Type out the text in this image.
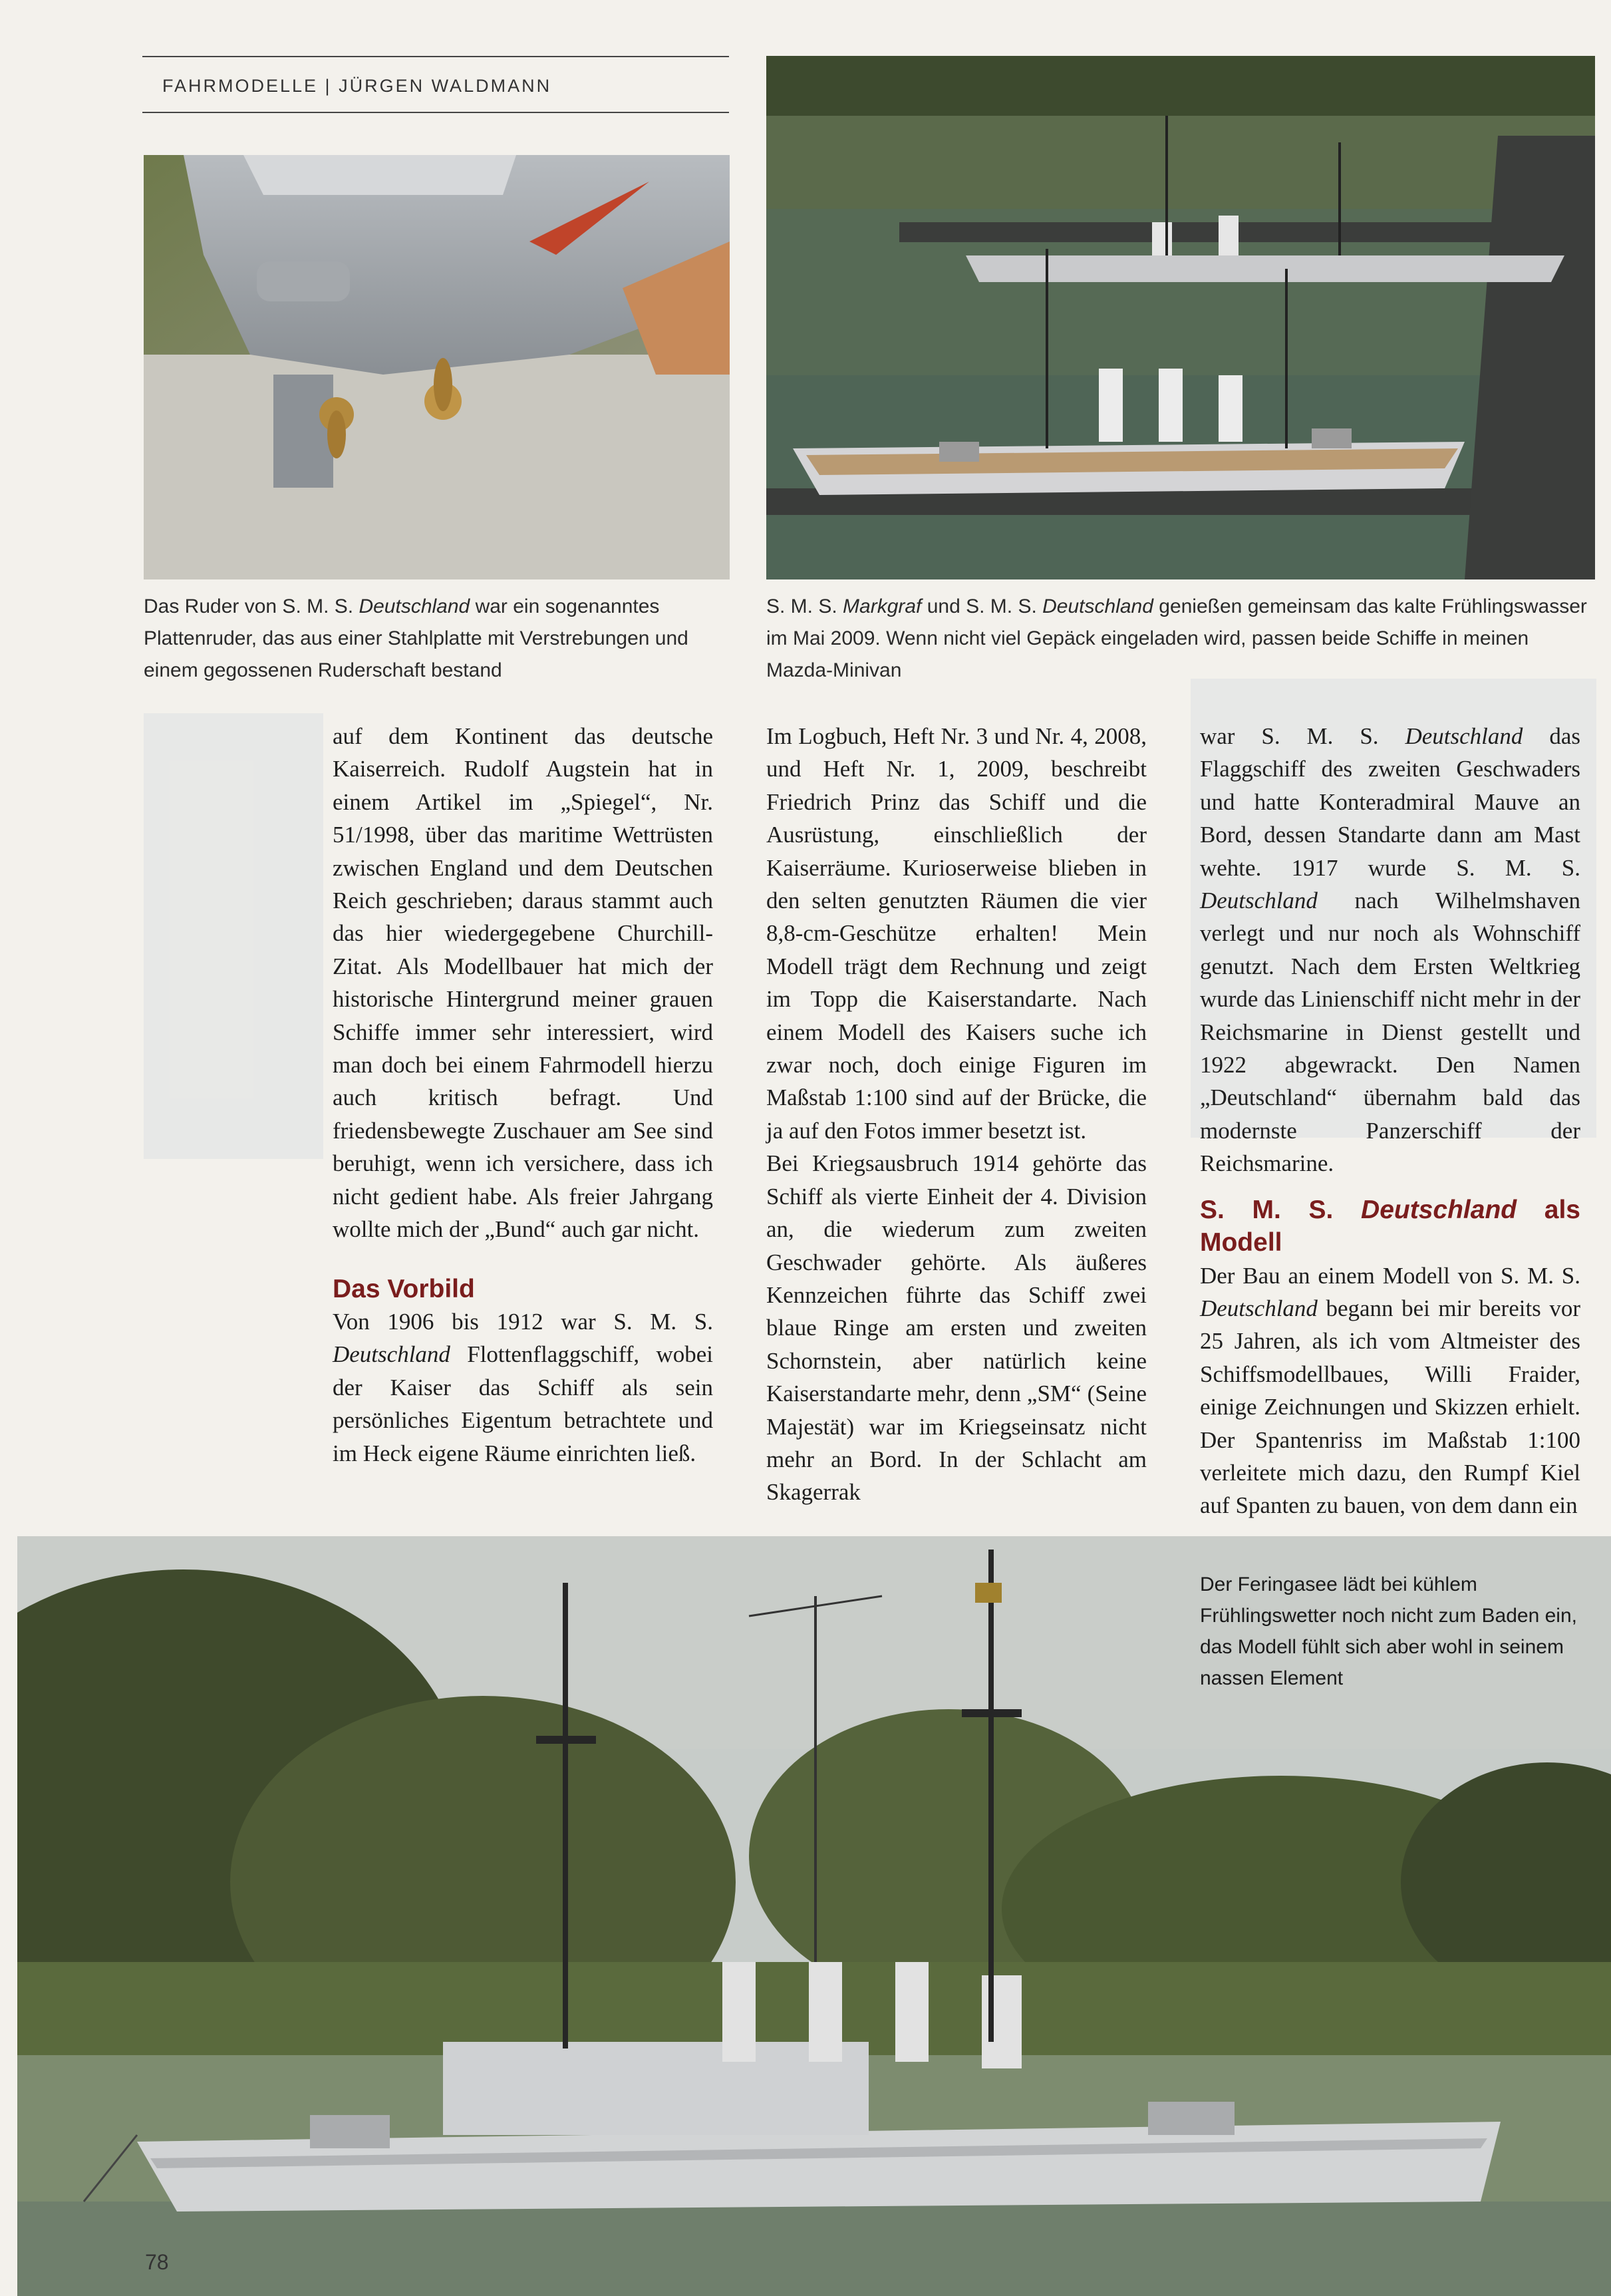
FAHRMODELLE | JÜRGEN WALDMANN
Das Ruder von S. M. S. Deutschland war ein sogenanntes Plattenruder, das aus einer Stahlplatte mit Verstrebungen und einem gegossenen Ruderschaft bestand
S. M. S. Markgraf und S. M. S. Deutschland genießen gemeinsam das kalte Frühlingswasser im Mai 2009. Wenn nicht viel Gepäck eingeladen wird, passen beide Schiffe in meinen Mazda-Minivan

auf dem Kontinent das deutsche Kaiserreich. Rudolf Augstein hat in einem Artikel im „Spiegel“, Nr. 51/1998, über das maritime Wettrüsten zwischen England und dem Deutschen Reich geschrieben; daraus stammt auch das hier wiedergegebene Churchill-Zitat. Als Modellbauer hat mich der historische Hintergrund meiner grauen Schiffe immer sehr interessiert, wird man doch bei einem Fahrmodell hierzu auch kritisch befragt. Und friedensbewegte Zuschauer am See sind beruhigt, wenn ich versichere, dass ich nicht gedient habe. Als freier Jahrgang wollte mich der „Bund“ auch gar nicht.

Das Vorbild

Von 1906 bis 1912 war S. M. S. Deutschland Flottenflaggschiff, wobei der Kaiser das Schiff als sein persönliches Eigentum betrachtete und im Heck eigene Räume einrichten ließ.

Im Logbuch, Heft Nr. 3 und Nr. 4, 2008, und Heft Nr. 1, 2009, beschreibt Friedrich Prinz das Schiff und die Ausrüstung, einschließlich der Kaiserräume. Kurioserweise blieben in den selten genutzten Räumen die vier 8,8-cm-Geschütze erhalten! Mein Modell trägt dem Rechnung und zeigt im Topp die Kaiserstandarte. Nach einem Modell des Kaisers suche ich zwar noch, doch einige Figuren im Maßstab 1:100 sind auf der Brücke, die ja auf den Fotos immer besetzt ist.

Bei Kriegsausbruch 1914 gehörte das Schiff als vierte Einheit der 4. Division an, die wiederum zum zweiten Geschwader gehörte. Als äußeres Kennzeichen führte das Schiff zwei blaue Ringe am ersten und zweiten Schornstein, aber natürlich keine Kaiserstandarte mehr, denn „SM“ (Seine Majestät) war im Kriegseinsatz nicht mehr an Bord. In der Schlacht am Skagerrak

war S. M. S. Deutschland das Flaggschiff des zweiten Geschwaders und hatte Konteradmiral Mauve an Bord, dessen Standarte dann am Mast wehte. 1917 wurde S. M. S. Deutschland nach Wilhelmshaven verlegt und nur noch als Wohnschiff genutzt. Nach dem Ersten Weltkrieg wurde das Linienschiff nicht mehr in der Reichsmarine in Dienst gestellt und 1922 abgewrackt. Den Namen „Deutschland“ übernahm bald das modernste Panzerschiff der Reichsmarine.

S. M. S. Deutschland als Modell

Der Bau an einem Modell von S. M. S. Deutschland begann bei mir bereits vor 25 Jahren, als ich vom Altmeister des Schiffsmodellbaues, Willi Fraider, einige Zeichnungen und Skizzen erhielt. Der Spantenriss im Maßstab 1:100 verleitete mich dazu, den Rumpf Kiel auf Spanten zu bauen, von dem dann ein

Der Feringasee lädt bei kühlem Frühlingswetter noch nicht zum Baden ein, das Modell fühlt sich aber wohl in seinem nassen Element
78
